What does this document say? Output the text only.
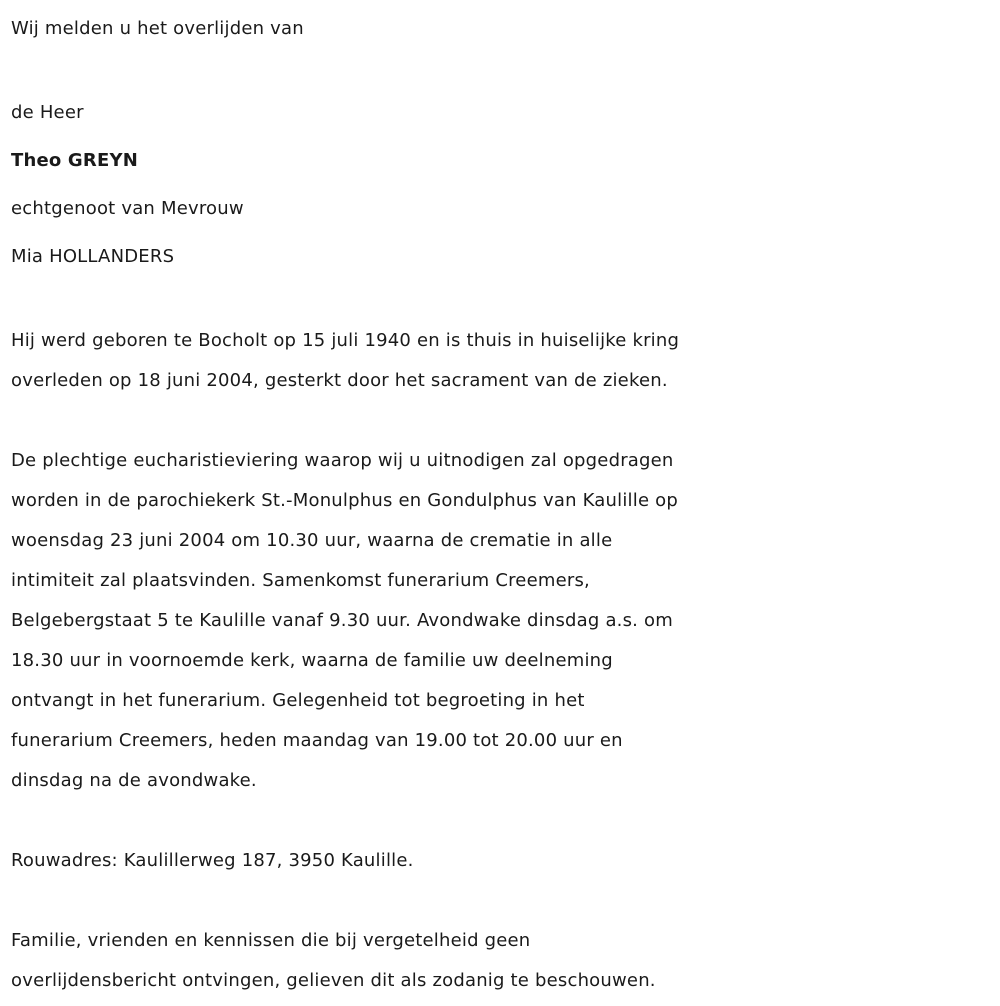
Wij melden u het overlijden van

de Heer

Theo GREYN

echtgenoot van Mevrouw

Mia HOLLANDERS

Hij werd geboren te Bocholt op 15 juli 1940 en is thuis in huiselijke kring

overleden op 18 juni 2004, gesterkt door het sacrament van de zieken.

De plechtige eucharistieviering waarop wij u uitnodigen zal opgedragen

worden in de parochiekerk St.-Monulphus en Gondulphus van Kaulille op

woensdag 23 juni 2004 om 10.30 uur, waarna de crematie in alle

intimiteit zal plaatsvinden. Samenkomst funerarium Creemers,

Belgebergstaat 5 te Kaulille vanaf 9.30 uur. Avondwake dinsdag a.s. om

18.30 uur in voornoemde kerk, waarna de familie uw deelneming

ontvangt in het funerarium. Gelegenheid tot begroeting in het

funerarium Creemers, heden maandag van 19.00 tot 20.00 uur en

dinsdag na de avondwake.

Rouwadres: Kaulillerweg 187, 3950 Kaulille.

Familie, vrienden en kennissen die bij vergetelheid geen

overlijdensbericht ontvingen, gelieven dit als zodanig te beschouwen.
